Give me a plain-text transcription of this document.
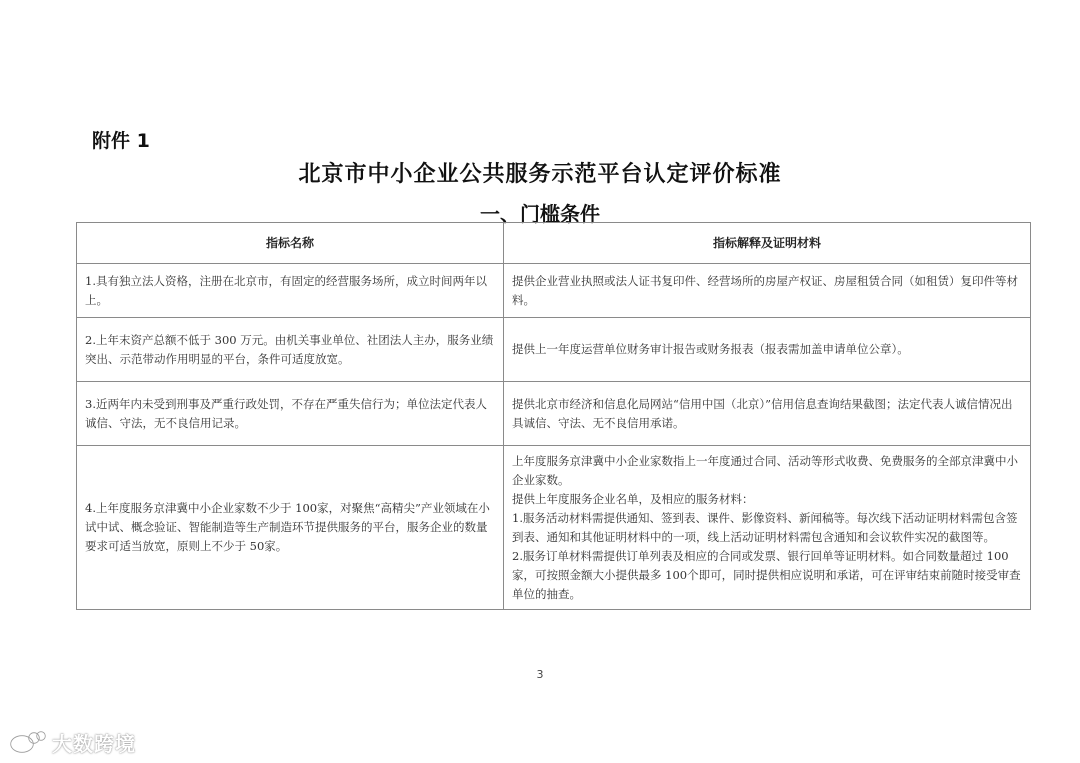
附件 1
北京市中小企业公共服务示范平台认定评价标准
一、门槛条件
指标名称	指标解释及证明材料
1.具有独立法人资格，注册在北京市，有固定的经营服务场所，成立时间两年以上。	提供企业营业执照或法人证书复印件、经营场所的房屋产权证、房屋租赁合同（如租赁）复印件等材料。

2.上年末资产总额不低于 300 万元。由机关事业单位、社团法人主办，服务业绩突出、示范带动作用明显的平台，条件可适度放宽。	提供上一年度运营单位财务审计报告或财务报表（报表需加盖申请单位公章）。

3.近两年内未受到刑事及严重行政处罚，不存在严重失信行为；单位法定代表人诚信、守法，无不良信用记录。	提供北京市经济和信息化局网站“信用中国（北京）”信用信息查询结果截图；法定代表人诚信情况出具诚信、守法、无不良信用承诺。

4.上年度服务京津冀中小企业家数不少于 100家，对聚焦“高精尖”产业领域在小试中试、概念验证、智能制造等生产制造环节提供服务的平台，服务企业的数量要求可适当放宽，原则上不少于 50家。	上年度服务京津冀中小企业家数指上一年度通过合同、活动等形式收费、免费服务的全部京津冀中小企业家数。
提供上年度服务企业名单，及相应的服务材料：
1.服务活动材料需提供通知、签到表、课件、影像资料、新闻稿等。每次线下活动证明材料需包含签到表、通知和其他证明材料中的一项，线上活动证明材料需包含通知和会议软件实况的截图等。
2.服务订单材料需提供订单列表及相应的合同或发票、银行回单等证明材料。如合同数量超过 100家，可按照金额大小提供最多 100个即可，同时提供相应说明和承诺，可在评审结束前随时接受审查单位的抽查。
3
大数跨境
